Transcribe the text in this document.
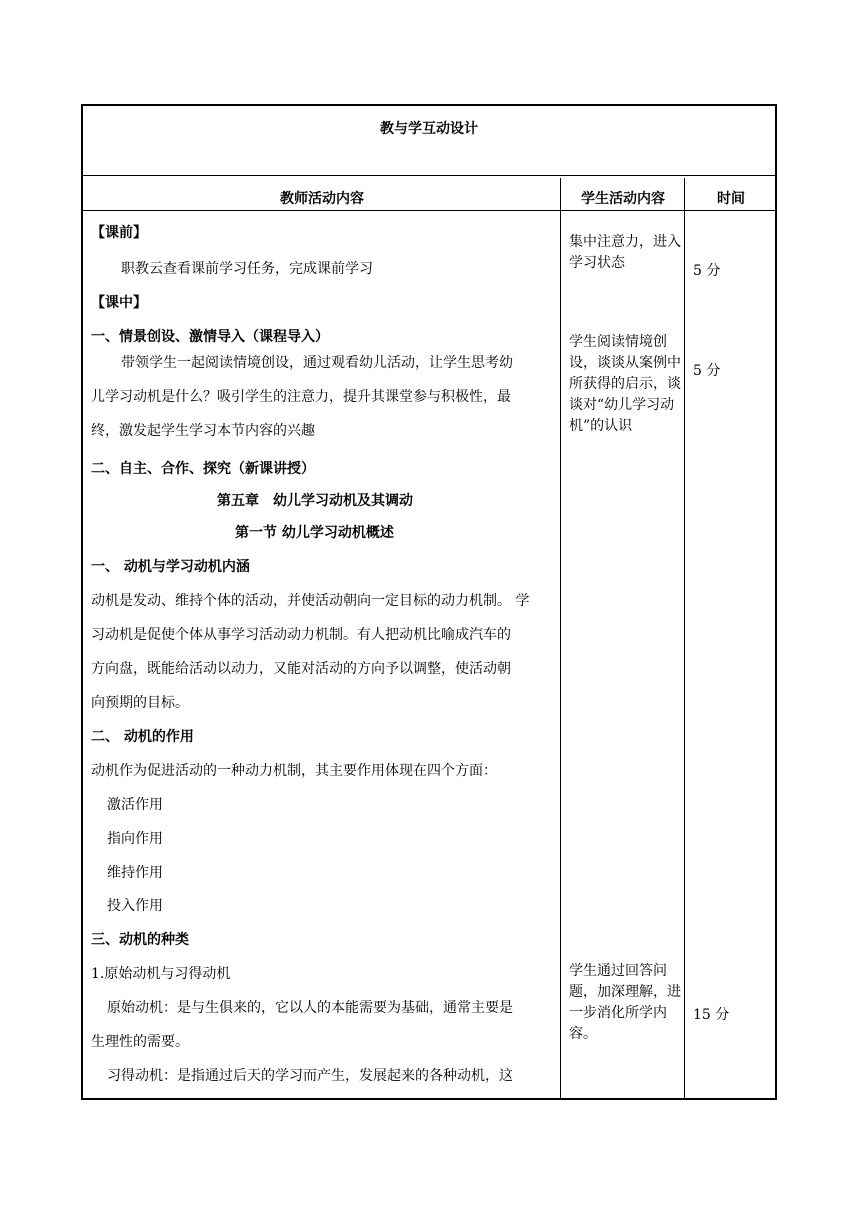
教与学互动设计
教师活动内容	学生活动内容	时间
【课前】
职教云查看课前学习任务，完成课前学习
【课中】
一、情景创设、激情导入（课程导入）
带领学生一起阅读情境创设，通过观看幼儿活动，让学生思考幼
儿学习动机是什么？吸引学生的注意力，提升其课堂参与积极性，最
终，激发起学生学习本节内容的兴趣
二、自主、合作、探究（新课讲授）
第五章　幼儿学习动机及其调动
第一节 幼儿学习动机概述
一、 动机与学习动机内涵
动机是发动、维持个体的活动，并使活动朝向一定目标的动力机制。 学
习动机是促使个体从事学习活动动力机制。有人把动机比喻成汽车的
方向盘，既能给活动以动力，又能对活动的方向予以调整，使活动朝
向预期的目标。
二、 动机的作用
动机作为促进活动的一种动力机制，其主要作用体现在四个方面：
激活作用
指向作用
维持作用
投入作用
三、动机的种类
1.原始动机与习得动机
原始动机：是与生俱来的，它以人的本能需要为基础，通常主要是
生理性的需要。
习得动机：是指通过后天的学习而产生，发展起来的各种动机，这
集中注意力，进入学习状态
学生阅读情境创设，谈谈从案例中所获得的启示，谈谈对“幼儿学习动机”的认识
学生通过回答问题，加深理解，进一步消化所学内容。
5 分
5 分
15 分
